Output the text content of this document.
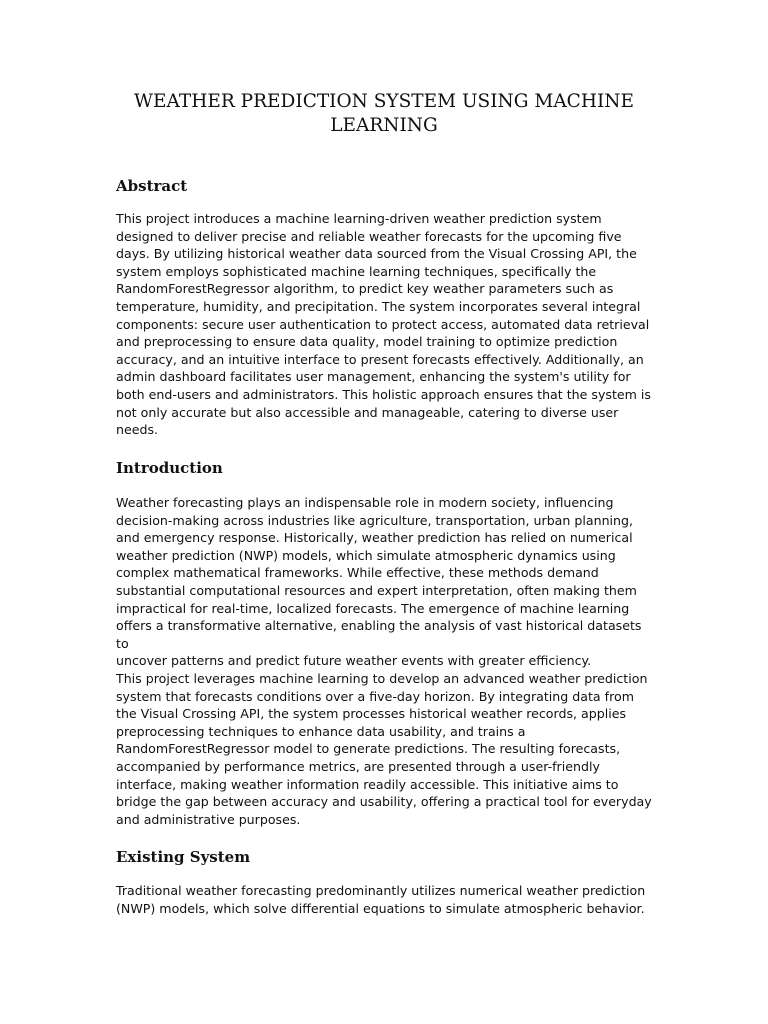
WEATHER PREDICTION SYSTEM USING MACHINE LEARNING
Abstract

This project introduces a machine learning-driven weather prediction system
designed to deliver precise and reliable weather forecasts for the upcoming five
days. By utilizing historical weather data sourced from the Visual Crossing API, the
system employs sophisticated machine learning techniques, specifically the
RandomForestRegressor algorithm, to predict key weather parameters such as
temperature, humidity, and precipitation. The system incorporates several integral
components: secure user authentication to protect access, automated data retrieval
and preprocessing to ensure data quality, model training to optimize prediction
accuracy, and an intuitive interface to present forecasts effectively. Additionally, an
admin dashboard facilitates user management, enhancing the system's utility for
both end-users and administrators. This holistic approach ensures that the system is
not only accurate but also accessible and manageable, catering to diverse user
needs.

Introduction

Weather forecasting plays an indispensable role in modern society, influencing
decision-making across industries like agriculture, transportation, urban planning,
and emergency response. Historically, weather prediction has relied on numerical
weather prediction (NWP) models, which simulate atmospheric dynamics using
complex mathematical frameworks. While effective, these methods demand
substantial computational resources and expert interpretation, often making them
impractical for real-time, localized forecasts. The emergence of machine learning
offers a transformative alternative, enabling the analysis of vast historical datasets to
uncover patterns and predict future weather events with greater efficiency.

This project leverages machine learning to develop an advanced weather prediction
system that forecasts conditions over a five-day horizon. By integrating data from
the Visual Crossing API, the system processes historical weather records, applies
preprocessing techniques to enhance data usability, and trains a
RandomForestRegressor model to generate predictions. The resulting forecasts,
accompanied by performance metrics, are presented through a user-friendly
interface, making weather information readily accessible. This initiative aims to
bridge the gap between accuracy and usability, offering a practical tool for everyday
and administrative purposes.

Existing System

Traditional weather forecasting predominantly utilizes numerical weather prediction
(NWP) models, which solve differential equations to simulate atmospheric behavior.
